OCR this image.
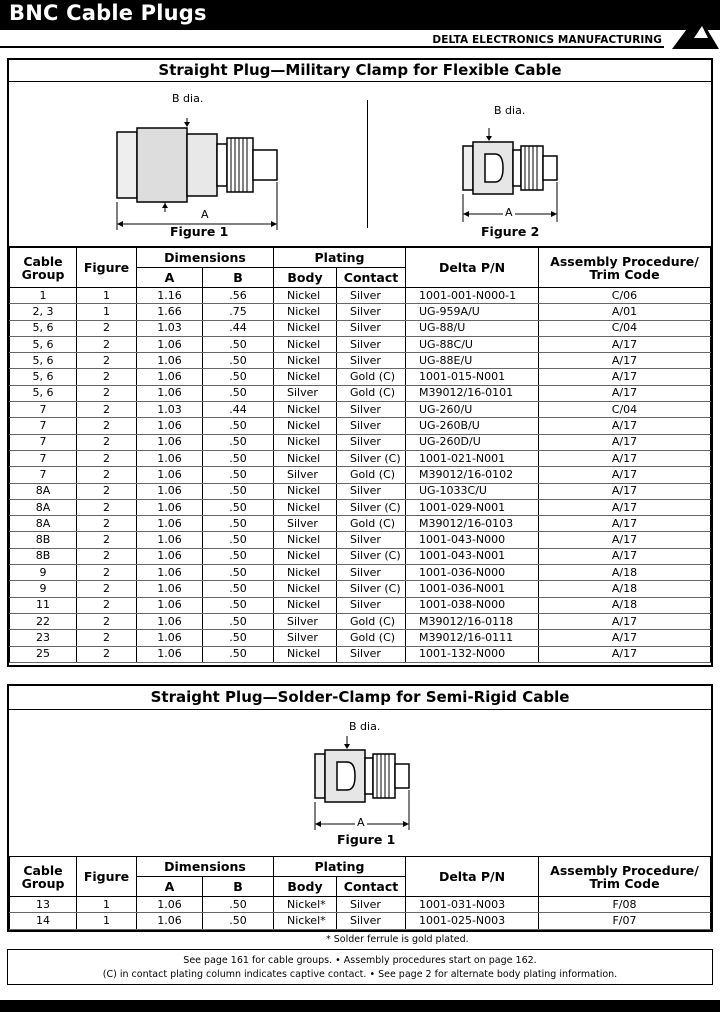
BNC Cable Plugs
DELTA ELECTRONICS MANUFACTURING
Straight Plug—Military Clamp for Flexible Cable
B dia.
A
Figure 1
B dia.
A
Figure 2
Cable Group	Figure	Dimensions		Plating		Delta P/N	Assembly Procedure/ Trim Code
		A	B	Body	Contact		
1	1	1.16	.56	Nickel	Silver	1001-001-N000-1	C/06
2, 3	1	1.66	.75	Nickel	Silver	UG-959A/U	A/01
5, 6	2	1.03	.44	Nickel	Silver	UG-88/U	C/04
5, 6	2	1.06	.50	Nickel	Silver	UG-88C/U	A/17
5, 6	2	1.06	.50	Nickel	Silver	UG-88E/U	A/17
5, 6	2	1.06	.50	Nickel	Gold (C)	1001-015-N001	A/17
5, 6	2	1.06	.50	Silver	Gold (C)	M39012/16-0101	A/17
7	2	1.03	.44	Nickel	Silver	UG-260/U	C/04
7	2	1.06	.50	Nickel	Silver	UG-260B/U	A/17
7	2	1.06	.50	Nickel	Silver	UG-260D/U	A/17
7	2	1.06	.50	Nickel	Silver (C)	1001-021-N001	A/17
7	2	1.06	.50	Silver	Gold (C)	M39012/16-0102	A/17
8A	2	1.06	.50	Nickel	Silver	UG-1033C/U	A/17
8A	2	1.06	.50	Nickel	Silver (C)	1001-029-N001	A/17
8A	2	1.06	.50	Silver	Gold (C)	M39012/16-0103	A/17
8B	2	1.06	.50	Nickel	Silver	1001-043-N000	A/17
8B	2	1.06	.50	Nickel	Silver (C)	1001-043-N001	A/17
9	2	1.06	.50	Nickel	Silver	1001-036-N000	A/18
9	2	1.06	.50	Nickel	Silver (C)	1001-036-N001	A/18
11	2	1.06	.50	Nickel	Silver	1001-038-N000	A/18
22	2	1.06	.50	Silver	Gold (C)	M39012/16-0118	A/17
23	2	1.06	.50	Silver	Gold (C)	M39012/16-0111	A/17
25	2	1.06	.50	Nickel	Silver	1001-132-N000	A/17
Straight Plug—Solder-Clamp for Semi-Rigid Cable
B dia.
A
Figure 1
Cable Group	Figure	Dimensions		Plating		Delta P/N	Assembly Procedure/ Trim Code
		A	B	Body	Contact		
13	1	1.06	.50	Nickel*	Silver	1001-031-N003	F/08
14	1	1.06	.50	Nickel*	Silver	1001-025-N003	F/07
* Solder ferrule is gold plated.
See page 161 for cable groups. • Assembly procedures start on page 162.
(C) in contact plating column indicates captive contact. • See page 2 for alternate body plating information.
